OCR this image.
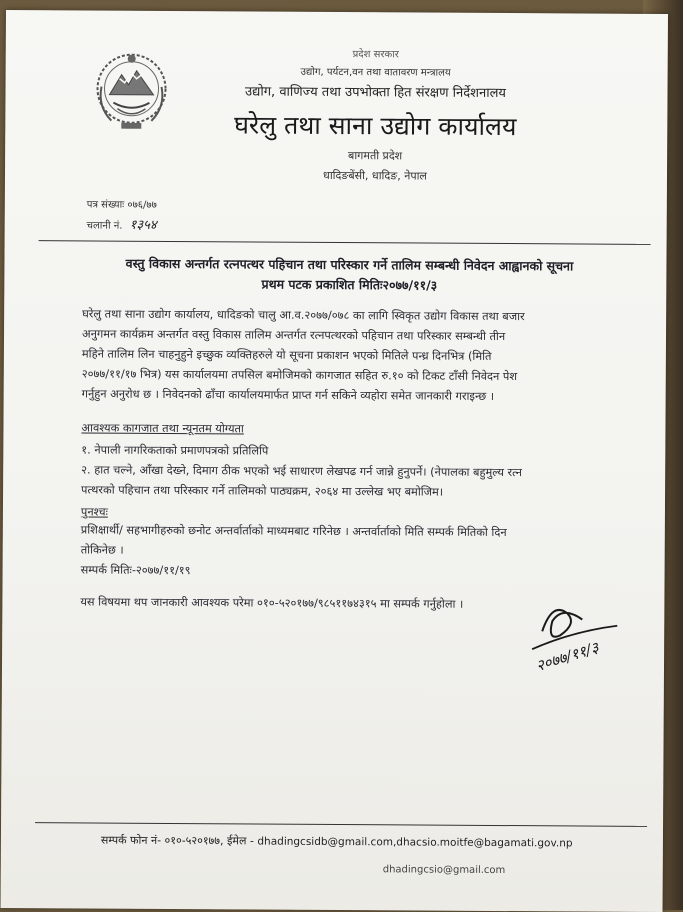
प्रदेश सरकार
उद्योग, पर्यटन,वन तथा वातावरण मन्त्रालय
उद्योग, वाणिज्य तथा उपभोक्ता हित संरक्षण निर्देशनालय
घरेलु तथा साना उद्योग कार्यालय
बागमती प्रदेश
धादिङबेंसी, धादिङ, नेपाल
पत्र संख्याः ०७६/७७
चलानी नं. १३५४
वस्तु विकास अन्तर्गत रत्नपत्थर पहिचान तथा परिस्कार गर्ने तालिम सम्बन्धी निवेदन आह्वानको सूचना
प्रथम पटक प्रकाशित मितिः२०७७/११/३
घरेलु तथा साना उद्योग कार्यालय, धादिङको चालु आ.व.२०७७/०७८ का लागि स्विकृत उद्योग विकास तथा बजार
अनुगमन कार्यक्रम अन्तर्गत वस्तु विकास तालिम अन्तर्गत रत्नपत्थरको पहिचान तथा परिस्कार सम्बन्धी तीन
महिने तालिम लिन चाहनुहुने इच्छुक व्यक्तिहरुले यो सूचना प्रकाशन भएको मितिले पन्ध्र दिनभित्र (मिति
२०७७/११/१७ भित्र) यस कार्यालयमा तपसिल बमोजिमको कागजात सहित रु.१० को टिकट टाँसी निवेदन पेश
गर्नुहुन अनुरोध छ । निवेदनको ढाँचा कार्यालयमार्फत प्राप्त गर्न सकिने व्यहोरा समेत जानकारी गराइन्छ ।
आवश्यक कागजात तथा न्यूनतम योग्यता
१. नेपाली नागरिकताको प्रमाणपत्रको प्रतिलिपि
२. हात चल्ने, आँखा देख्ने, दिमाग ठीक भएको भई साधारण लेखपढ गर्न जान्ने हुनुपर्ने। (नेपालका बहुमुल्य रत्न
पत्थरको पहिचान तथा परिस्कार गर्ने तालिमको पाठ्यक्रम, २०६४ मा उल्लेख भए बमोजिम।
पुनश्चः
प्रशिक्षार्थी/ सहभागीहरुको छनोट अन्तर्वार्ताको माध्यमबाट गरिनेछ । अन्तर्वार्ताको मिति सम्पर्क मितिको दिन
तोकिनेछ ।
सम्पर्क मितिः-२०७७/११/१९
यस विषयमा थप जानकारी आवश्यक परेमा ०१०-५२०१७७/९८५११७४३१५ मा सम्पर्क गर्नुहोला ।
२०७७/११/३
सम्पर्क फोन नं- ०१०-५२०१७७, ईमेल - dhadingcsidb@gmail.com,dhacsio.moitfe@bagamati.gov.np
dhadingcsio@gmail.com
